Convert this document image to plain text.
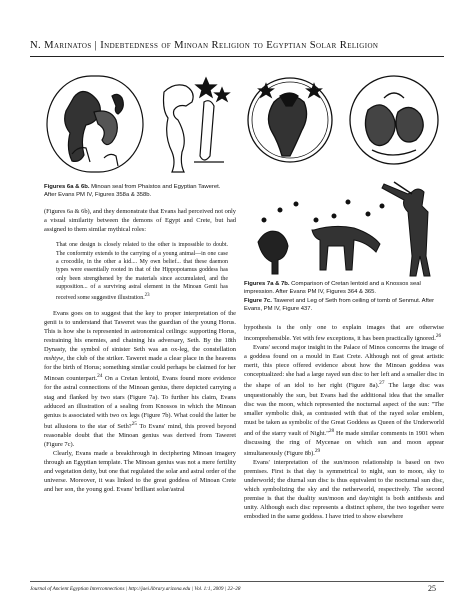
N. Marinatos | Indebtedness of Minoan Religion to Egyptian Solar Religion
Figures 6a & 6b. Minoan seal from Phaistos and Egyptian Taweret. After Evans PM IV, Figures 358a & 358b.
Figures 7a & 7b. Comparison of Cretan lentoid and a Knossos seal impression. After Evans PM IV, Figures 364 & 365.
Figure 7c. Taweret and Leg of Seth from ceiling of tomb of Senmut. After Evans, PM IV, Figure 437.

(Figures 6a & 6b), and they demonstrate that Evans had perceived not only a visual similarity between the demons of Egypt and Crete, but had assigned to them similar mythical roles:

That one design is closely related to the other is impossible to doubt. The conformity extends to the carrying of a young animal—in one case a crocodile, in the other a kid.... My own belief... that these daemon types were essentially rooted in that of the Hippopotamus goddess has only been strengthened by the materials since accumulated, and the supposition... of a surviving astral element in the Minoan Genii has received some suggestive illustration.$^{23}$

Evans goes on to suggest that the key to proper interpretation of the genii is to understand that Taweret was the guardian of the young Horus. This is how she is represented in astronomical ceilings: supporting Horus, restraining his enemies, and chaining his adversary, Seth. By the 18th Dynasty, the symbol of sinister Seth was an ox-leg, the constellation mshtyw, the club of the striker. Taweret made a clear place in the heavens for the birth of Horus; something similar could perhaps be claimed for her Minoan counterpart.$^{24}$ On a Cretan lentoid, Evans found more evidence for the astral connections of the Minoan genius, there depicted carrying a stag and flanked by two stars (Figure 7a). To further his claim, Evans adduced an illustration of a sealing from Knossos in which the Minoan genius is associated with two ox legs (Figure 7b). What could the latter be but allusions to the star of Seth?$^{25}$ To Evans' mind, this proved beyond reasonable doubt that the Minoan genius was derived from Taweret (Figure 7c).

Clearly, Evans made a breakthrough in deciphering Minoan imagery through an Egyptian template. The Minoan genius was not a mere fertility and vegetation deity, but one that regulated the solar and astral order of the universe. Moreover, it was linked to the great goddess of Minoan Crete and her son, the young god. Evans' brilliant solar/astral

hypothesis is the only one to explain images that are otherwise incomprehensible. Yet with few exceptions, it has been practically ignored.$^{26}$

Evans' second major insight in the Palace of Minos concerns the image of a goddess found on a mould in East Crete. Although not of great artistic merit, this piece offered evidence about how the Minoan goddess was conceptualized: she had a large rayed sun disc to her left and a smaller disc in the shape of an idol to her right (Figure 8a).$^{27}$ The large disc was unquestionably the sun, but Evans had the additional idea that the smaller disc was the moon, which represented the nocturnal aspect of the sun: "The smaller symbolic disk, as contrasted with that of the rayed solar emblem, must be taken as symbolic of the Great Goddess as Queen of the Underworld and of the starry vault of Night."$^{28}$ He made similar comments in 1901 when discussing the ring of Mycenae on which sun and moon appear simultaneously (Figure 8b).$^{29}$

Evans' interpretation of the sun/moon relationship is based on two premises. First is that day is symmetrical to night, sun to moon, sky to underworld; the diurnal sun disc is thus equivalent to the nocturnal sun disc, which symbolizing the sky and the netherworld, respectively. The second premise is that the duality sun/moon and day/night is both antithesis and unity. Although each disc represents a distinct sphere, the two together were embodied in the same goddess. I have tried to show elsewhere

Journal of Ancient Egyptian Interconnections | http://jaei.library.arizona.edu | Vol. 1:1, 2009 | 22–28	25
